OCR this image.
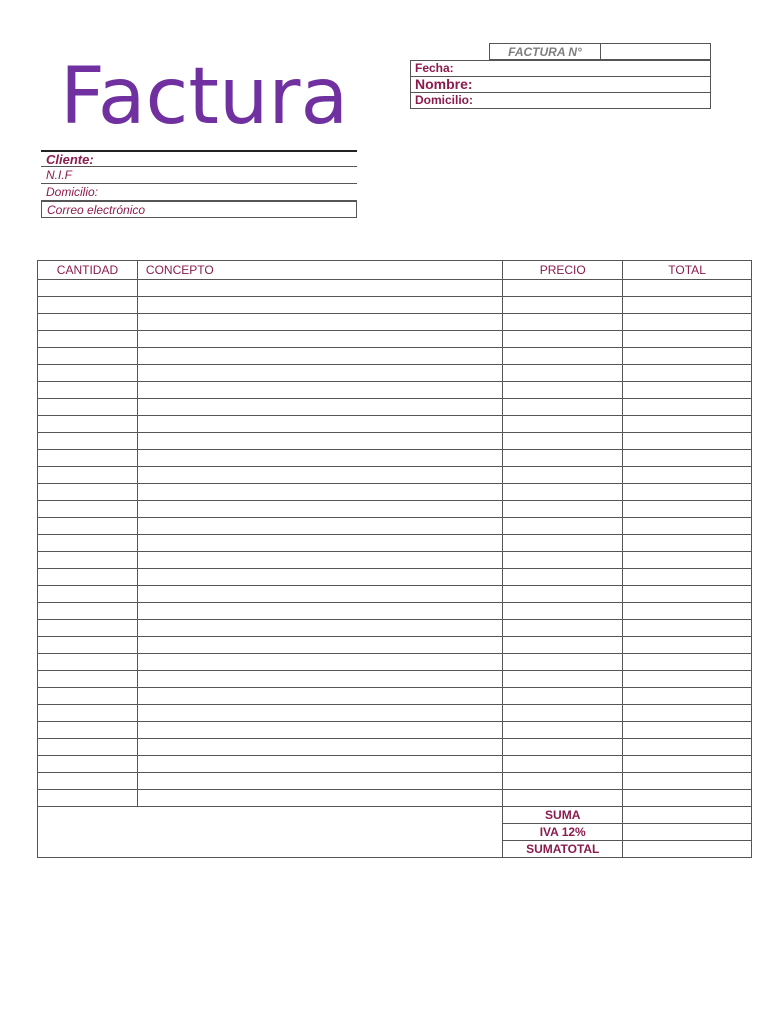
Factura	FACTURA N°
Fecha:
Nombre:
Domicilio:
Cliente:
N.I.F
Domicilio:
Correo electrónico
CANTIDAD	CONCEPTO	PRECIO	TOTAL

		SUMA	
		IVA 12%	
		SUMATOTAL	
